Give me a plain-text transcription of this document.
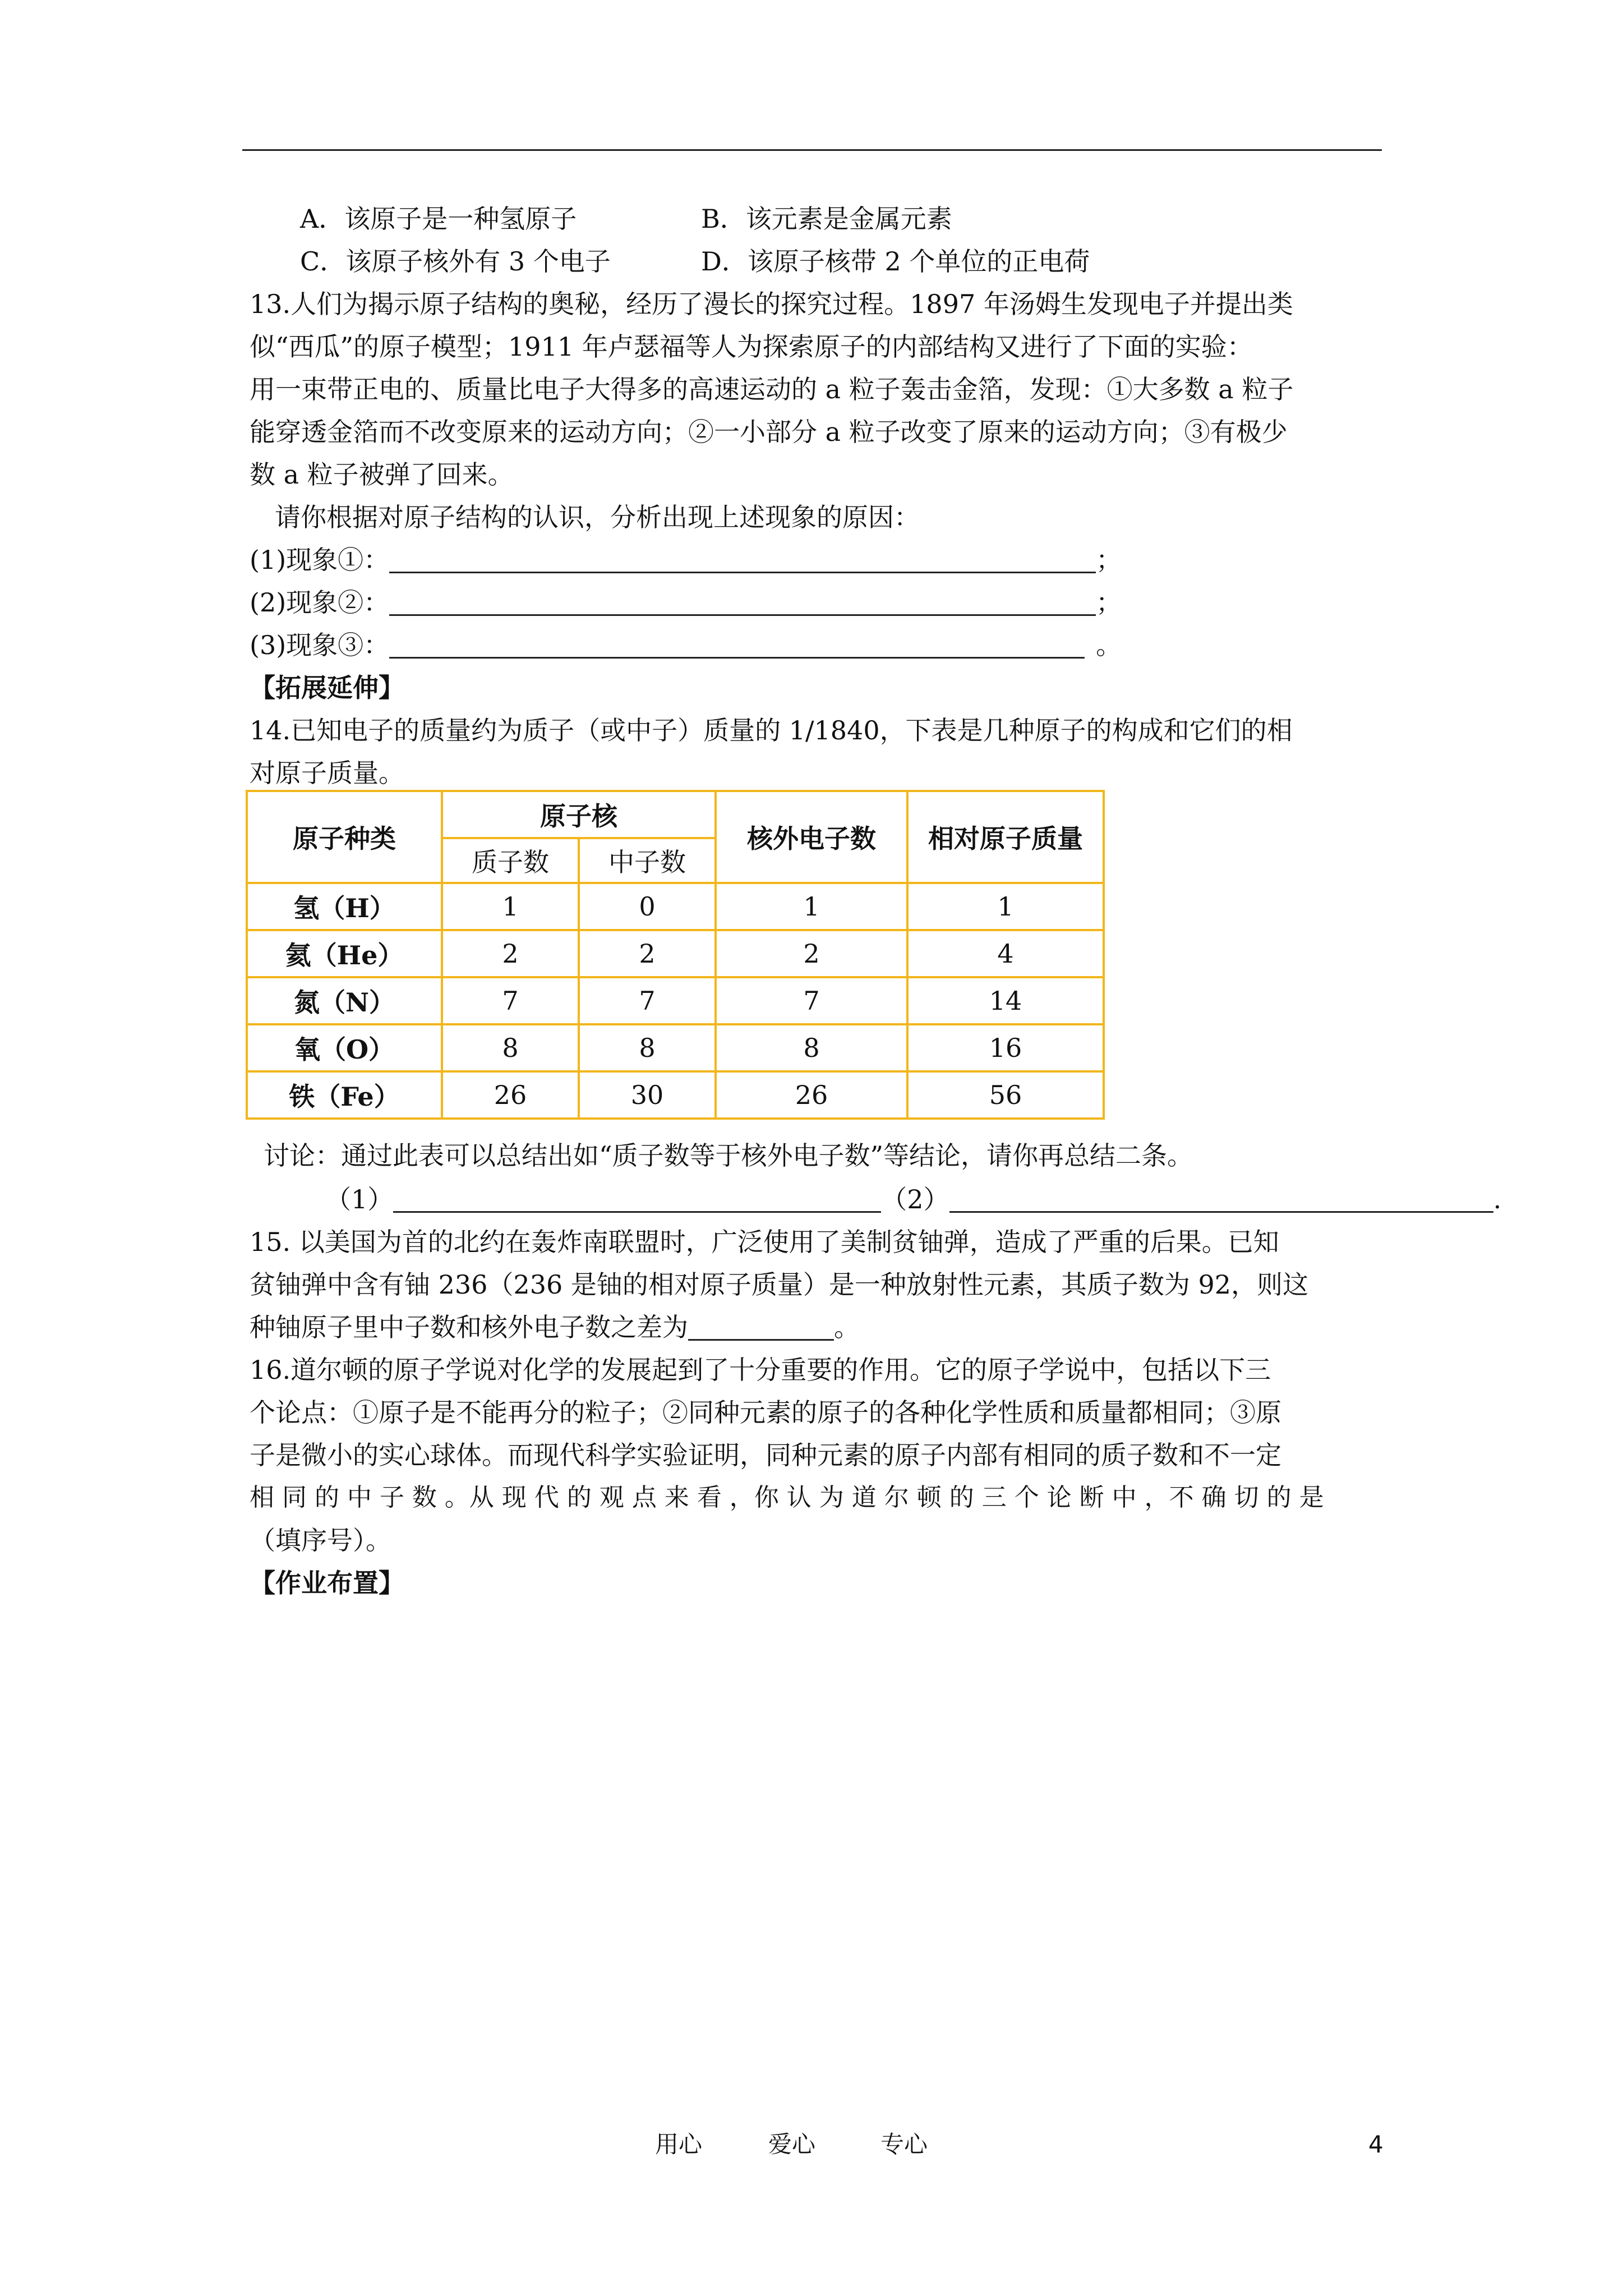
A．该原子是一种氢原子	B．该元素是金属元素
C．该原子核外有 3 个电子	D．该原子核带 2 个单位的正电荷
13.人们为揭示原子结构的奥秘，经历了漫长的探究过程。1897 年汤姆生发现电子并提出类
似“西瓜”的原子模型；1911 年卢瑟福等人为探索原子的内部结构又进行了下面的实验：
用一束带正电的、质量比电子大得多的高速运动的 a 粒子轰击金箔，发现：①大多数 a 粒子
能穿透金箔而不改变原来的运动方向；②一小部分 a 粒子改变了原来的运动方向；③有极少
数 a 粒子被弹了回来。
请你根据对原子结构的认识，分析出现上述现象的原因：
(1)现象①：	；
(2)现象②：	；
(3)现象③：	。
【拓展延伸】
14.已知电子的质量约为质子（或中子）质量的 1/1840，下表是几种原子的构成和它们的相
对原子质量。
原子种类	原子核		核外电子数	相对原子质量
	质子数	中子数		
氢（H）	1	0	1	1
氦（He）	2	2	2	4
氮（N）	7	7	7	14
氧（O）	8	8	8	16
铁（Fe）	26	30	26	56
讨论：通过此表可以总结出如“质子数等于核外电子数”等结论，请你再总结二条。
（1）	（2）	.
15. 以美国为首的北约在轰炸南联盟时，广泛使用了美制贫铀弹，造成了严重的后果。已知
贫铀弹中含有铀 236（236 是铀的相对原子质量）是一种放射性元素，其质子数为 92，则这
种铀原子里中子数和核外电子数之差为	。
16.道尔顿的原子学说对化学的发展起到了十分重要的作用。它的原子学说中，包括以下三
个论点：①原子是不能再分的粒子；②同种元素的原子的各种化学性质和质量都相同；③原
子是微小的实心球体。而现代科学实验证明，同种元素的原子内部有相同的质子数和不一定
相 同 的 中 子 数 。从 现 代 的 观 点 来 看 ，你 认 为 道 尔 顿 的 三 个 论 断 中 ，不 确 切 的 是
（填序号）。
【作业布置】
用心	爱心	专心	4
